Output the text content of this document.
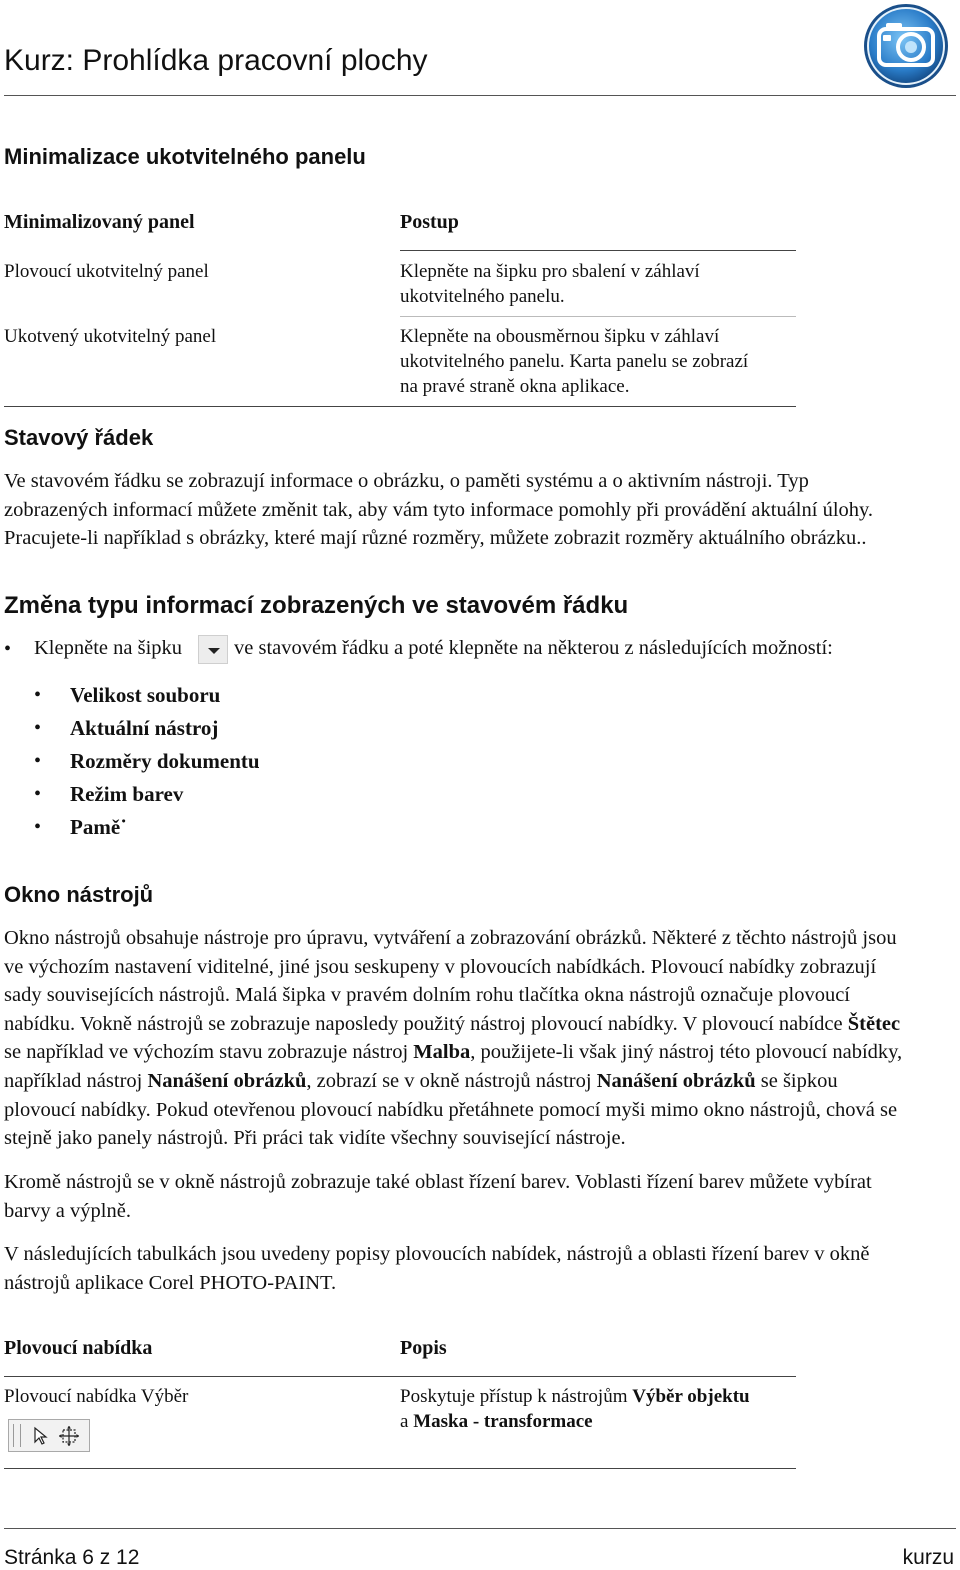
Kurz: Prohlídka pracovní plochy
Minimalizace ukotvitelného panelu
Minimalizovaný panel	Postup
Plovoucí ukotvitelný panel	Klepněte na šipku pro sbalení v záhlaví
ukotvitelného panelu.
Ukotvený ukotvitelný panel	Klepněte na obousměrnou šipku v záhlaví
ukotvitelného panelu. Karta panelu se zobrazí
na pravé straně okna aplikace.
Stavový řádek
Ve stavovém řádku se zobrazují informace o obrázku, o paměti systému a o aktivním nástroji. Typ
zobrazených informací můžete změnit tak, aby vám tyto informace pomohly při provádění aktuální úlohy.
Pracujete-li například s obrázky, které mají různé rozměry, můžete zobrazit rozměry aktuálního obrázku..
Změna typu informací zobrazených ve stavovém řádku
• Klepněte na šipku	ve stavovém řádku a poté klepněte na některou z následujících možností:
• Velikost souboru
• Aktuální nástroj
• Rozměry dokumentu
• Režim barev
• Pamě˙
Okno nástrojů
Okno nástrojů obsahuje nástroje pro úpravu, vytváření a zobrazování obrázků. Některé z těchto nástrojů jsou
ve výchozím nastavení viditelné, jiné jsou seskupeny v plovoucích nabídkách. Plovoucí nabídky zobrazují
sady souvisejících nástrojů. Malá šipka v pravém dolním rohu tlačítka okna nástrojů označuje plovoucí
nabídku. Vokně nástrojů se zobrazuje naposledy použitý nástroj plovoucí nabídky. V plovoucí nabídce Štětec
se například ve výchozím stavu zobrazuje nástroj Malba, použijete-li však jiný nástroj této plovoucí nabídky,
například nástroj Nanášení obrázků, zobrazí se v okně nástrojů nástroj Nanášení obrázků se šipkou
plovoucí nabídky. Pokud otevřenou plovoucí nabídku přetáhnete pomocí myši mimo okno nástrojů, chová se
stejně jako panely nástrojů. Při práci tak vidíte všechny související nástroje.
Kromě nástrojů se v okně nástrojů zobrazuje také oblast řízení barev. Voblasti řízení barev můžete vybírat
barvy a výplně.
V následujících tabulkách jsou uvedeny popisy plovoucích nabídek, nástrojů a oblasti řízení barev v okně
nástrojů aplikace Corel PHOTO-PAINT.
Plovoucí nabídka	Popis
Plovoucí nabídka Výběr	Poskytuje přístup k nástrojům Výběr objektu
a Maska - transformace
Stránka 6 z 12	kurzu
